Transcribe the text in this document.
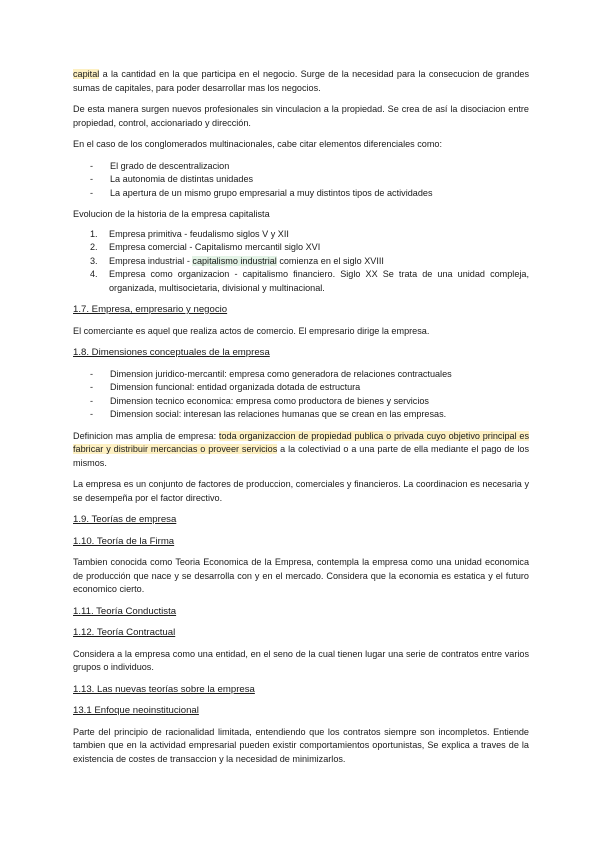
capital a la cantidad en la que participa en el negocio. Surge de la necesidad para la consecucion de grandes sumas de capitales, para poder desarrollar mas los negocios.

De esta manera surgen nuevos profesionales sin vinculacion a la propiedad. Se crea de así la disociacion entre propiedad, control, accionariado y dirección.

En el caso de los conglomerados multinacionales, cabe citar elementos diferenciales como:

- El grado de descentralizacion
- La autonomia de distintas unidades
- La apertura de un mismo grupo empresarial a muy distintos tipos de actividades

Evolucion de la historia de la empresa capitalista

1. Empresa primitiva - feudalismo siglos V y XII
2. Empresa comercial - Capitalismo mercantil siglo XVI
3. Empresa industrial - capitalismo industrial comienza en el siglo XVIII
4. Empresa como organizacion - capitalismo financiero. Siglo XX Se trata de una unidad compleja, organizada, multisocietaria, divisional y multinacional.
1.7. Empresa, empresario y negocio

El comerciante es aquel que realiza actos de comercio. El empresario dirige la empresa.

1.8. Dimensiones conceptuales de la empresa
- Dimension juridico-mercantil: empresa como generadora de relaciones contractuales
- Dimension funcional: entidad organizada dotada de estructura
- Dimension tecnico economica: empresa como productora de bienes y servicios
- Dimension social: interesan las relaciones humanas que se crean en las empresas.

Definicion mas amplia de empresa: toda organizaccion de propiedad publica o privada cuyo objetivo principal es fabricar y distribuir mercancias o proveer servicios a la colectiviad o a una parte de ella mediante el pago de los mismos.

La empresa es un conjunto de factores de produccion, comerciales y financieros. La coordinacion es necesaria y se desempeña por el factor directivo.

1.9. Teorías de empresa
1.10. Teoría de la Firma

Tambien conocida como Teoria Economica de la Empresa, contempla la empresa como una unidad economica de producción que nace y se desarrolla con y en el mercado. Considera que la economia es estatica y el futuro economico cierto.

1.11. Teoría Conductista
1.12. Teoría Contractual

Considera a la empresa como una entidad, en el seno de la cual tienen lugar una serie de contratos entre varios grupos o individuos.

1.13. Las nuevas teorías sobre la empresa
13.1 Enfoque neoinstitucional

Parte del principio de racionalidad limitada, entendiendo que los contratos siempre son incompletos. Entiende tambien que en la actividad empresarial pueden existir comportamientos oportunistas, Se explica a traves de la existencia de costes de transaccion y la necesidad de minimizarlos.
